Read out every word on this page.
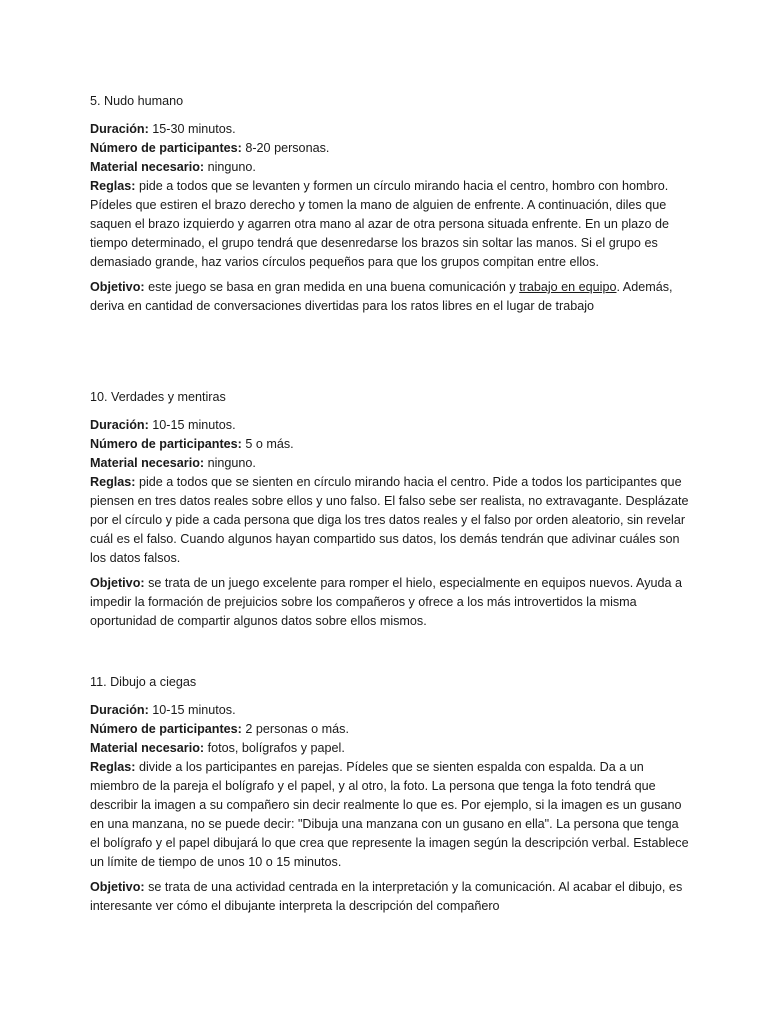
5. Nudo humano

Duración: 15-30 minutos.

Número de participantes: 8-20 personas.

Material necesario: ninguno.

Reglas: pide a todos que se levanten y formen un círculo mirando hacia el centro, hombro con hombro. Pídeles que estiren el brazo derecho y tomen la mano de alguien de enfrente. A continuación, diles que saquen el brazo izquierdo y agarren otra mano al azar de otra persona situada enfrente. En un plazo de tiempo determinado, el grupo tendrá que desenredarse los brazos sin soltar las manos. Si el grupo es demasiado grande, haz varios círculos pequeños para que los grupos compitan entre ellos.

Objetivo: este juego se basa en gran medida en una buena comunicación y trabajo en equipo. Además, deriva en cantidad de conversaciones divertidas para los ratos libres en el lugar de trabajo

10. Verdades y mentiras

Duración: 10-15 minutos.

Número de participantes: 5 o más.

Material necesario: ninguno.

Reglas: pide a todos que se sienten en círculo mirando hacia el centro. Pide a todos los participantes que piensen en tres datos reales sobre ellos y uno falso. El falso sebe ser realista, no extravagante. Desplázate por el círculo y pide a cada persona que diga los tres datos reales y el falso por orden aleatorio, sin revelar cuál es el falso. Cuando algunos hayan compartido sus datos, los demás tendrán que adivinar cuáles son los datos falsos.

Objetivo: se trata de un juego excelente para romper el hielo, especialmente en equipos nuevos. Ayuda a impedir la formación de prejuicios sobre los compañeros y ofrece a los más introvertidos la misma oportunidad de compartir algunos datos sobre ellos mismos.

11. Dibujo a ciegas

Duración: 10-15 minutos.

Número de participantes: 2 personas o más.

Material necesario: fotos, bolígrafos y papel.

Reglas: divide a los participantes en parejas. Pídeles que se sienten espalda con espalda. Da a un miembro de la pareja el bolígrafo y el papel, y al otro, la foto. La persona que tenga la foto tendrá que describir la imagen a su compañero sin decir realmente lo que es. Por ejemplo, si la imagen es un gusano en una manzana, no se puede decir: "Dibuja una manzana con un gusano en ella". La persona que tenga el bolígrafo y el papel dibujará lo que crea que represente la imagen según la descripción verbal. Establece un límite de tiempo de unos 10 o 15 minutos.

Objetivo: se trata de una actividad centrada en la interpretación y la comunicación. Al acabar el dibujo, es interesante ver cómo el dibujante interpreta la descripción del compañero
